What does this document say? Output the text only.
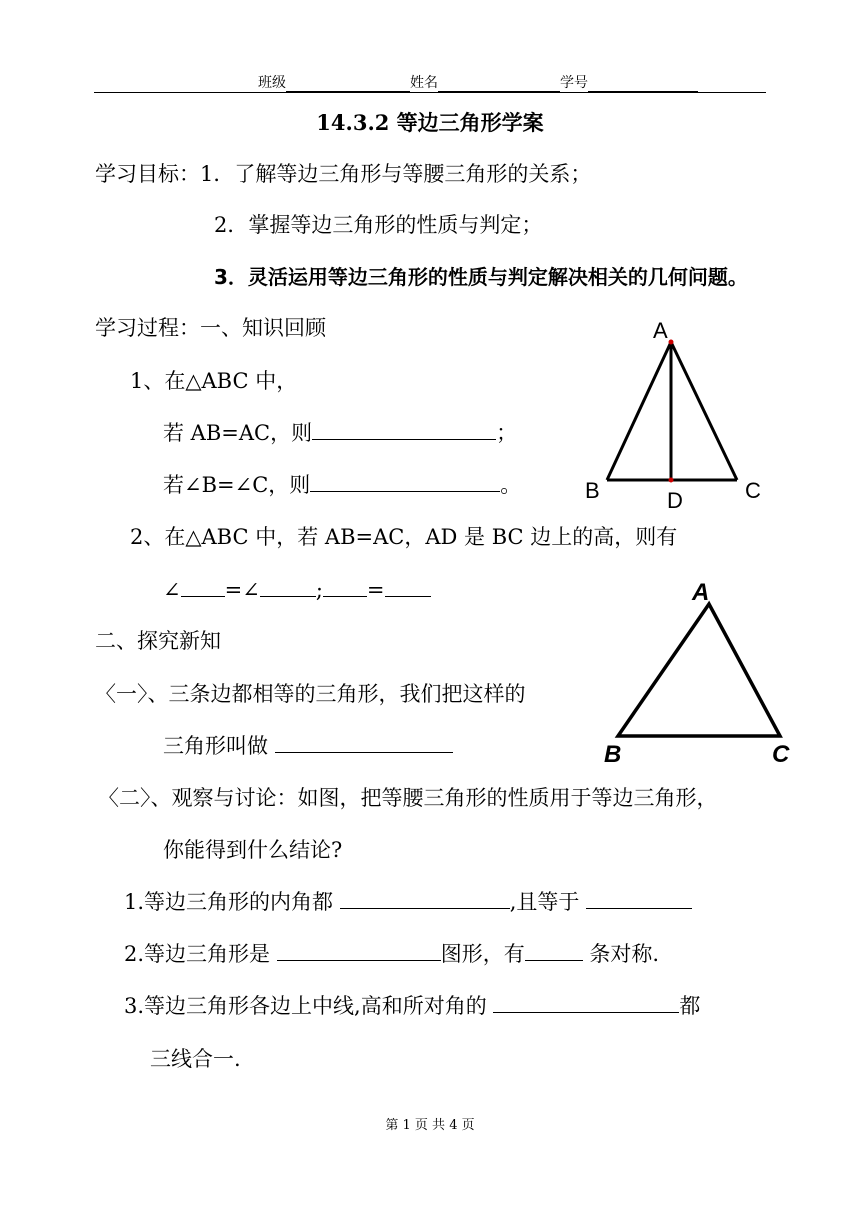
班级	姓名	学号
14.3.2 等边三角形学案
学习目标：1．了解等边三角形与等腰三角形的关系；
2．掌握等边三角形的性质与判定；
3．灵活运用等边三角形的性质与判定解决相关的几何问题。
学习过程：一、知识回顾
1、在△ABC 中，
若 AB=AC，则	；
若∠B=∠C，则	。
2、在△ABC 中，若 AB=AC，AD 是 BC 边上的高，则有
∠ =∠	; =
二、探究新知
〈一〉、三条边都相等的三角形，我们把这样的
三角形叫做
〈二〉、观察与讨论：如图，把等腰三角形的性质用于等边三角形，
你能得到什么结论?
1.等边三角形的内角都	,且等于
2.等边三角形是	图形，有	条对称.
3.等边三角形各边上中线,高和所对角的	都
三线合一.
A
B	C
D
A
B	C
第 1 页 共 4 页
